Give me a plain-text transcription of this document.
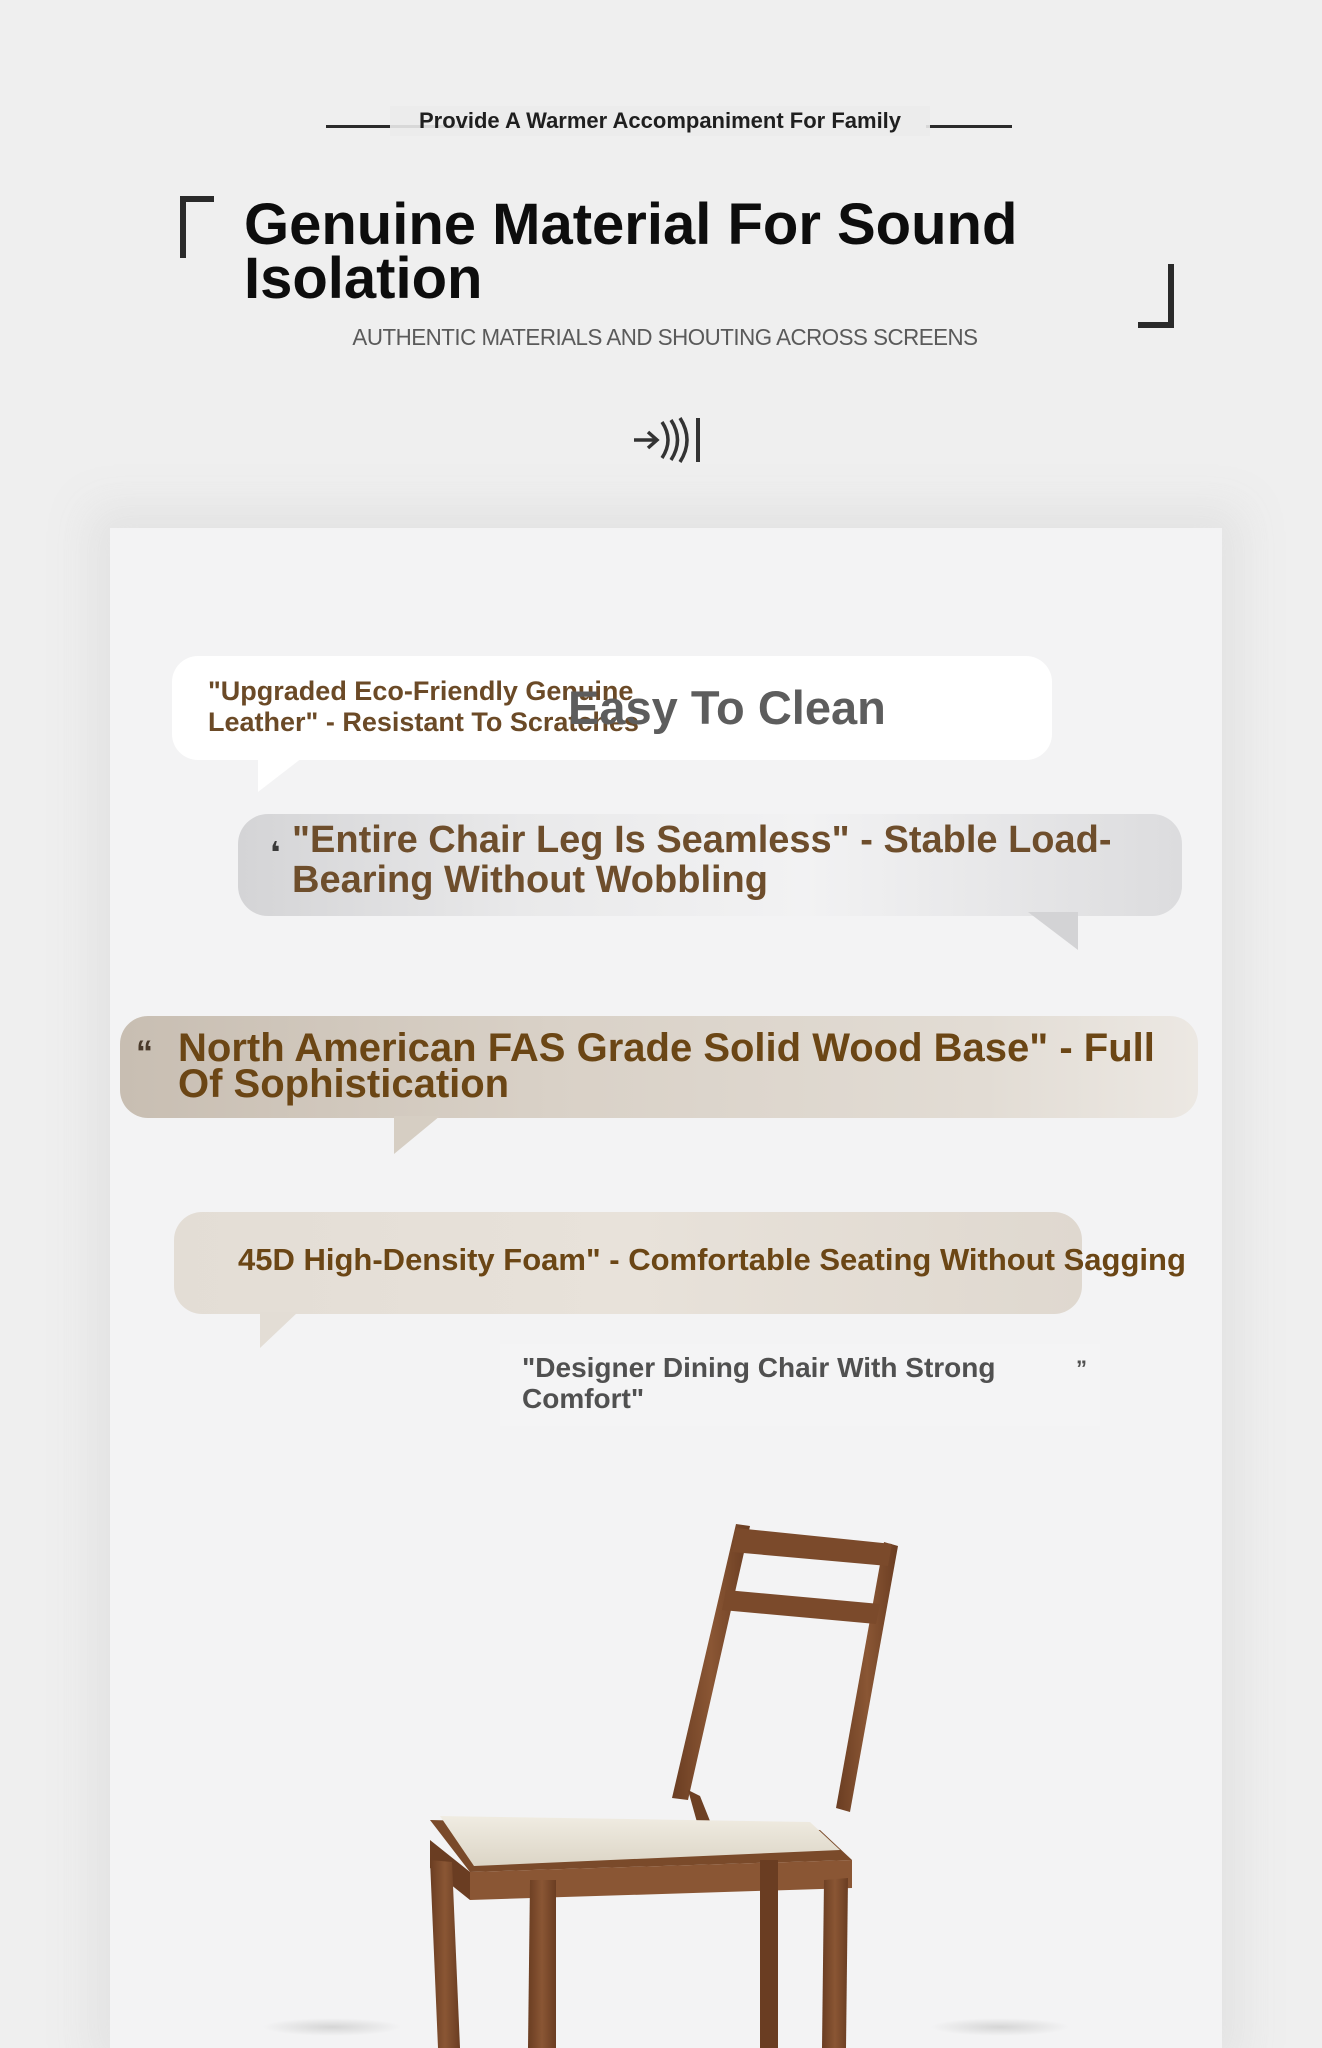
Provide A Warmer Accompaniment For Family
Genuine Material For Sound Isolation
AUTHENTIC MATERIALS AND SHOUTING ACROSS SCREENS
"Upgraded Eco-Friendly Genuine Leather" - Resistant To Scratches
Easy To Clean
❛ "Entire Chair Leg Is Seamless" - Stable Load-Bearing Without Wobbling
“ North American FAS Grade Solid Wood Base" - Full Of Sophistication
45D High-Density Foam" - Comfortable Seating Without Sagging
"Designer Dining Chair With Strong Comfort"
”
